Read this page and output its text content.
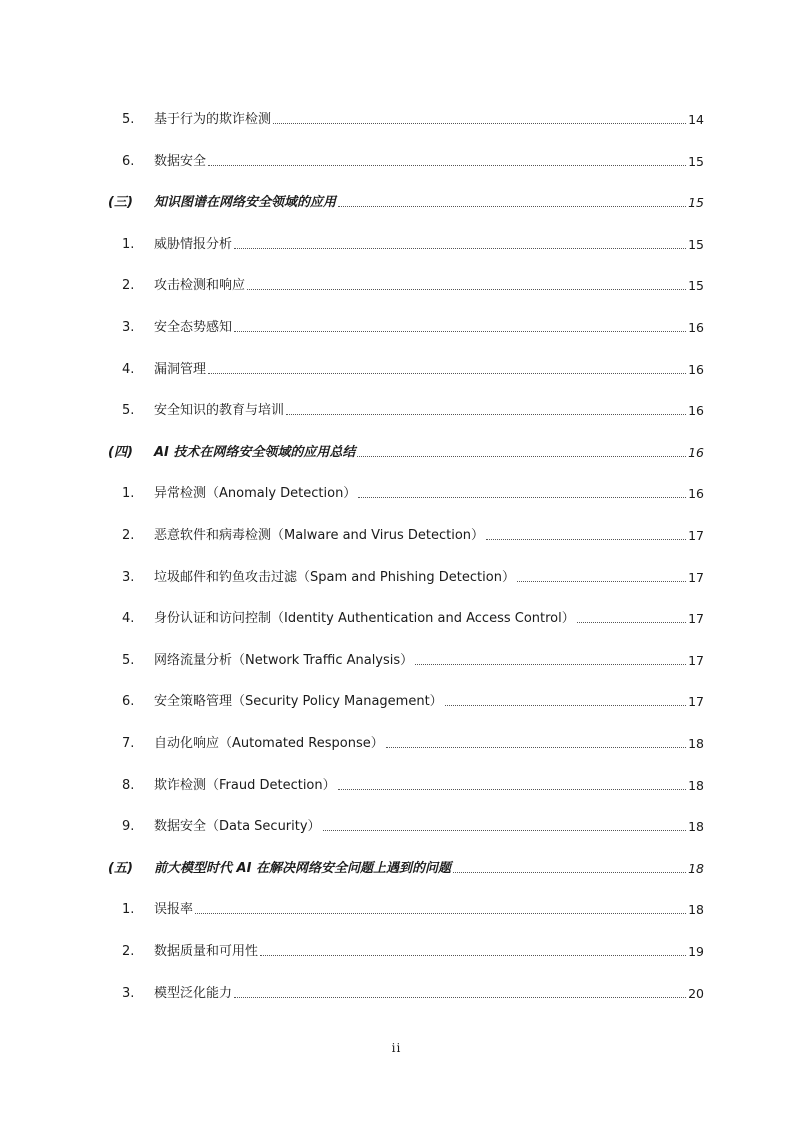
5.	基于行为的欺诈检测	14
6.	数据安全	15
(三)	知识图谱在网络安全领域的应用	15
1.	威胁情报分析	15
2.	攻击检测和响应	15
3.	安全态势感知	16
4.	漏洞管理	16
5.	安全知识的教育与培训	16
(四)	AI 技术在网络安全领域的应用总结	16
1.	异常检测（Anomaly Detection）	16
2.	恶意软件和病毒检测（Malware and Virus Detection）	17
3.	垃圾邮件和钓鱼攻击过滤（Spam and Phishing Detection）	17
4.	身份认证和访问控制（Identity Authentication and Access Control）	17
5.	网络流量分析（Network Traffic Analysis）	17
6.	安全策略管理（Security Policy Management）	17
7.	自动化响应（Automated Response）	18
8.	欺诈检测（Fraud Detection）	18
9.	数据安全（Data Security）	18
(五)	前大模型时代 AI 在解决网络安全问题上遇到的问题	18
1.	误报率	18
2.	数据质量和可用性	19
3.	模型泛化能力	20
ii
